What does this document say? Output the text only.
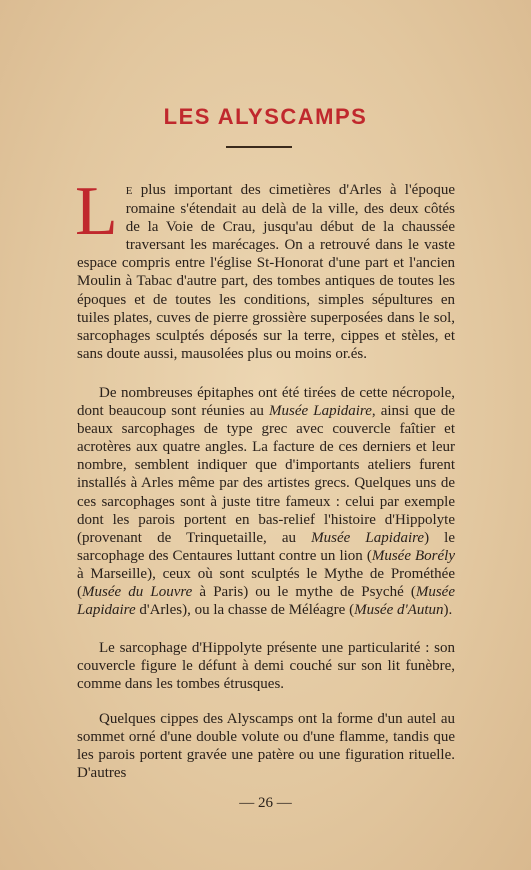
LES ALYSCAMPS

L E plus important des cimetières d'Arles à l'époque romaine s'étendait au delà de la ville, des deux côtés de la Voie de Crau, jusqu'au début de la chaussée traversant les marécages. On a retrouvé dans le vaste espace compris entre l'église St-Honorat d'une part et l'ancien Moulin à Tabac d'autre part, des tombes antiques de toutes les époques et de toutes les conditions, simples sépultures en tuiles plates, cuves de pierre grossière superposées dans le sol, sarcophages sculptés déposés sur la terre, cippes et stèles, et sans doute aussi, mausolées plus ou moins or.és.

De nombreuses épitaphes ont été tirées de cette nécropole, dont beaucoup sont réunies au Musée Lapidaire, ainsi que de beaux sarcophages de type grec avec couvercle faîtier et acrotères aux quatre angles. La facture de ces derniers et leur nombre, semblent indiquer que d'importants ateliers furent installés à Arles même par des artistes grecs. Quelques uns de ces sarcophages sont à juste titre fameux : celui par exemple dont les parois portent en bas-relief l'histoire d'Hippolyte (provenant de Trinquetaille, au Musée Lapidaire) le sarcophage des Centaures luttant contre un lion (Musée Borély à Marseille), ceux où sont sculptés le Mythe de Prométhée (Musée du Louvre à Paris) ou le mythe de Psyché (Musée Lapidaire d'Arles), ou la chasse de Méléagre (Musée d'Autun).

Le sarcophage d'Hippolyte présente une particularité : son couvercle figure le défunt à demi couché sur son lit funèbre, comme dans les tombes étrusques.

Quelques cippes des Alyscamps ont la forme d'un autel au sommet orné d'une double volute ou d'une flamme, tandis que les parois portent gravée une patère ou une figuration rituelle. D'autres

— 26 —
